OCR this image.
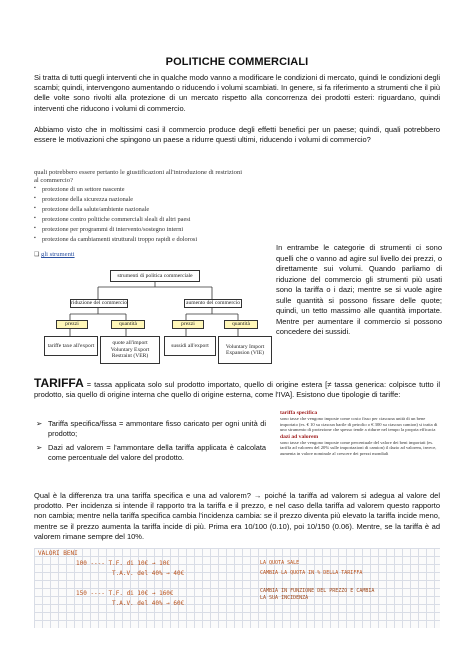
POLITICHE COMMERCIALI
Si tratta di tutti quegli interventi che in qualche modo vanno a modificare le condizioni di mercato, quindi le condizioni degli scambi; quindi, intervengono aumentando o riducendo i volumi scambiati. In genere, si fa riferimento a strumenti che il più delle volte sono rivolti alla protezione di un mercato rispetto alla concorrenza dei prodotti esteri: riguardano, quindi interventi che riducono i volumi di commercio.
Abbiamo visto che in moltissimi casi il commercio produce degli effetti benefici per un paese; quindi, quali potrebbero essere le motivazioni che spingono un paese a ridurre questi ultimi, riducendo i volumi di commercio?
quali potrebbero essere pertanto le giustificazioni all'introduzione di restrizioni al commercio?
▪ protezione di un settore nascente
▪ protezione della sicurezza nazionale
▪ protezione della salute/ambiente nazionale
▪ protezione contro politiche commerciali sleali di altri paesi
▪ protezione per programmi di intervento/sostegno interni
▪ protezione da cambiamenti strutturali troppo rapidi e dolorosi
❑ gli strumenti
strumenti di politica commerciale
riduzione del commercio	aumento del commercio
prezzi	quantità	prezzi	quantità
tariffe taxe all'export	quote all'import Voluntary Export Restraint (VER)
sussidi all'export	Voluntary Import Expansion (VIE)
In entrambe le categorie di strumenti ci sono quelli che o vanno ad agire sul livello dei prezzi, o direttamente sui volumi. Quando parliamo di riduzione del commercio gli strumenti più usati sono la tariffa o i dazi; mentre se si vuole agire sulle quantità si possono fissare delle quote; quindi, un tetto massimo alle quantità importate. Mentre per aumentare il commercio si possono concedere dei sussidi.
TARIFFA = tassa applicata solo sul prodotto importato, quello di origine estera [≠ tassa generica: colpisce tutto il prodotto, sia quello di origine interna che quello di origine esterna, come l'IVA]. Esistono due tipologie di tariffe:
➢ Tariffa specifica/fissa = ammontare fisso caricato per ogni unità di prodotto;
➢ Dazi ad valorem = l'ammontare della tariffa applicata è calcolata come percentuale del valore del prodotto.
tariffa specifica
sono tasse che vengono imposte come costo fisso per ciascuna unità di un bene importato (es. € 10 su ciascun barile di petrolio o € 300 su ciascun camion) si tratta di uno strumento di protezione che spesso tende a ridurre nel tempo la propria efficacia
dazi ad valorem
sono tasse che vengono imposte come percentuale del valore dei beni importati (es. tariffa ad valorem del 20% sulle importazioni di camion) il dazio ad valorem, invece, aumenta in valore nominale al crescere dei prezzi mondiali
Qual è la differenza tra una tariffa specifica e una ad valorem? → poiché la tariffa ad valorem si adegua al valore del prodotto. Per incidenza si intende il rapporto tra la tariffa e il prezzo, e nel caso della tariffa ad valorem questo rapporto non cambia; mentre nella tariffa specifica cambia l'incidenza cambia: se il prezzo diventa più elevato la tariffa incide meno, mentre se il prezzo aumenta la tariffa incide di più. Prima era 10/100 (0.10), poi 10/150 (0.06). Mentre, se la tariffa è ad valorem rimane sempre del 10%.
VALORI BENI
100 ---- T.F. di 10€ → 10€
T.A.V. del 40% → 40€
150 ---- T.F. di 10€ → 160€
T.A.V. del 40% → 60€
LA QUOTA SALE
CAMBIA LA QUOTA IN % DELLA TARIFFA
CAMBIA IN FUNZIONE DEL PREZZO E CAMBIA LA SUA INCIDENZA
